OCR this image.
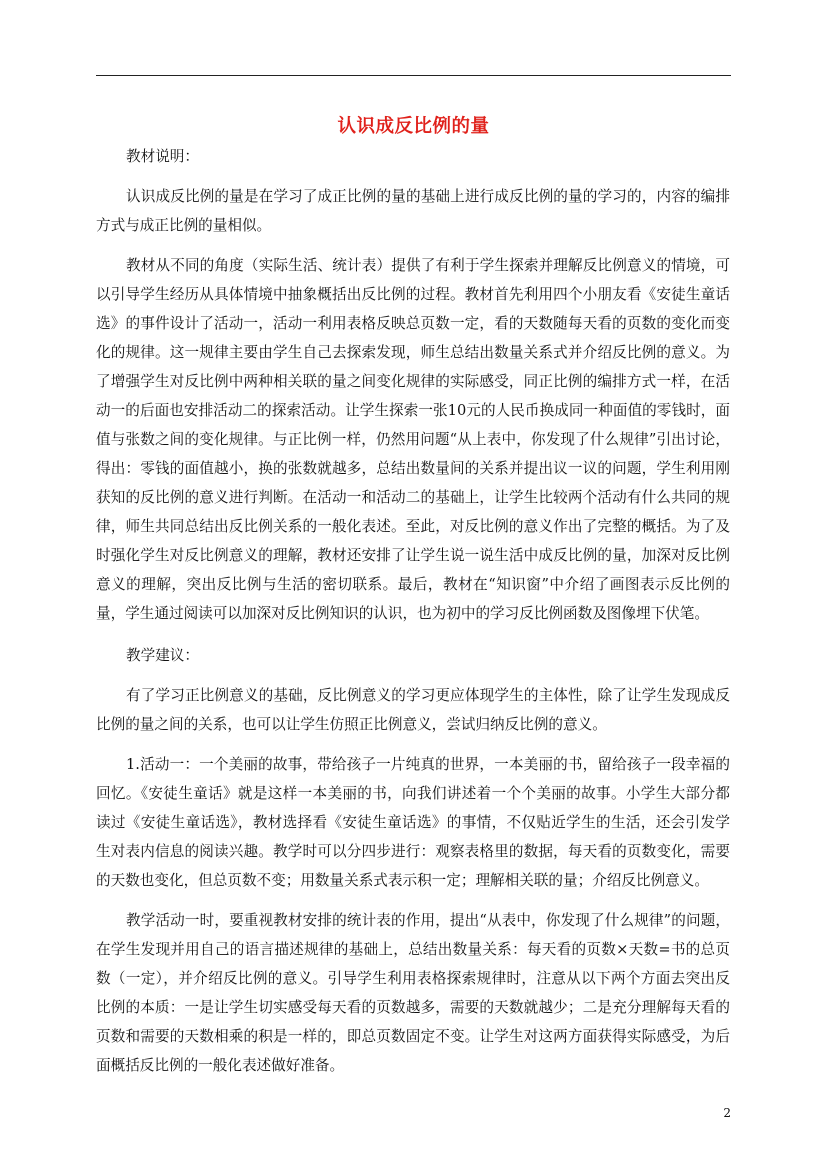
认识成反比例的量

教材说明：

认识成反比例的量是在学习了成正比例的量的基础上进行成反比例的量的学习的，内容的编排方式与成正比例的量相似。

教材从不同的角度（实际生活、统计表）提供了有利于学生探索并理解反比例意义的情境，可以引导学生经历从具体情境中抽象概括出反比例的过程。教材首先利用四个小朋友看《安徒生童话选》的事件设计了活动一，活动一利用表格反映总页数一定，看的天数随每天看的页数的变化而变化的规律。这一规律主要由学生自己去探索发现，师生总结出数量关系式并介绍反比例的意义。为了增强学生对反比例中两种相关联的量之间变化规律的实际感受，同正比例的编排方式一样，在活动一的后面也安排活动二的探索活动。让学生探索一张10元的人民币换成同一种面值的零钱时，面值与张数之间的变化规律。与正比例一样，仍然用问题“从上表中，你发现了什么规律”引出讨论，得出：零钱的面值越小，换的张数就越多，总结出数量间的关系并提出议一议的问题，学生利用刚获知的反比例的意义进行判断。在活动一和活动二的基础上，让学生比较两个活动有什么共同的规律，师生共同总结出反比例关系的一般化表述。至此，对反比例的意义作出了完整的概括。为了及时强化学生对反比例意义的理解，教材还安排了让学生说一说生活中成反比例的量，加深对反比例意义的理解，突出反比例与生活的密切联系。最后，教材在“知识窗”中介绍了画图表示反比例的量，学生通过阅读可以加深对反比例知识的认识，也为初中的学习反比例函数及图像埋下伏笔。

教学建议：

有了学习正比例意义的基础，反比例意义的学习更应体现学生的主体性，除了让学生发现成反比例的量之间的关系，也可以让学生仿照正比例意义，尝试归纳反比例的意义。

1.活动一：一个美丽的故事，带给孩子一片纯真的世界，一本美丽的书，留给孩子一段幸福的回忆。《安徒生童话》就是这样一本美丽的书，向我们讲述着一个个美丽的故事。小学生大部分都读过《安徒生童话选》，教材选择看《安徒生童话选》的事情，不仅贴近学生的生活，还会引发学生对表内信息的阅读兴趣。教学时可以分四步进行：观察表格里的数据，每天看的页数变化，需要的天数也变化，但总页数不变；用数量关系式表示积一定；理解相关联的量；介绍反比例意义。

教学活动一时，要重视教材安排的统计表的作用，提出“从表中，你发现了什么规律”的问题，在学生发现并用自己的语言描述规律的基础上，总结出数量关系：每天看的页数×天数=书的总页数（一定），并介绍反比例的意义。引导学生利用表格探索规律时，注意从以下两个方面去突出反比例的本质：一是让学生切实感受每天看的页数越多，需要的天数就越少；二是充分理解每天看的页数和需要的天数相乘的积是一样的，即总页数固定不变。让学生对这两方面获得实际感受，为后面概括反比例的一般化表述做好准备。

2
